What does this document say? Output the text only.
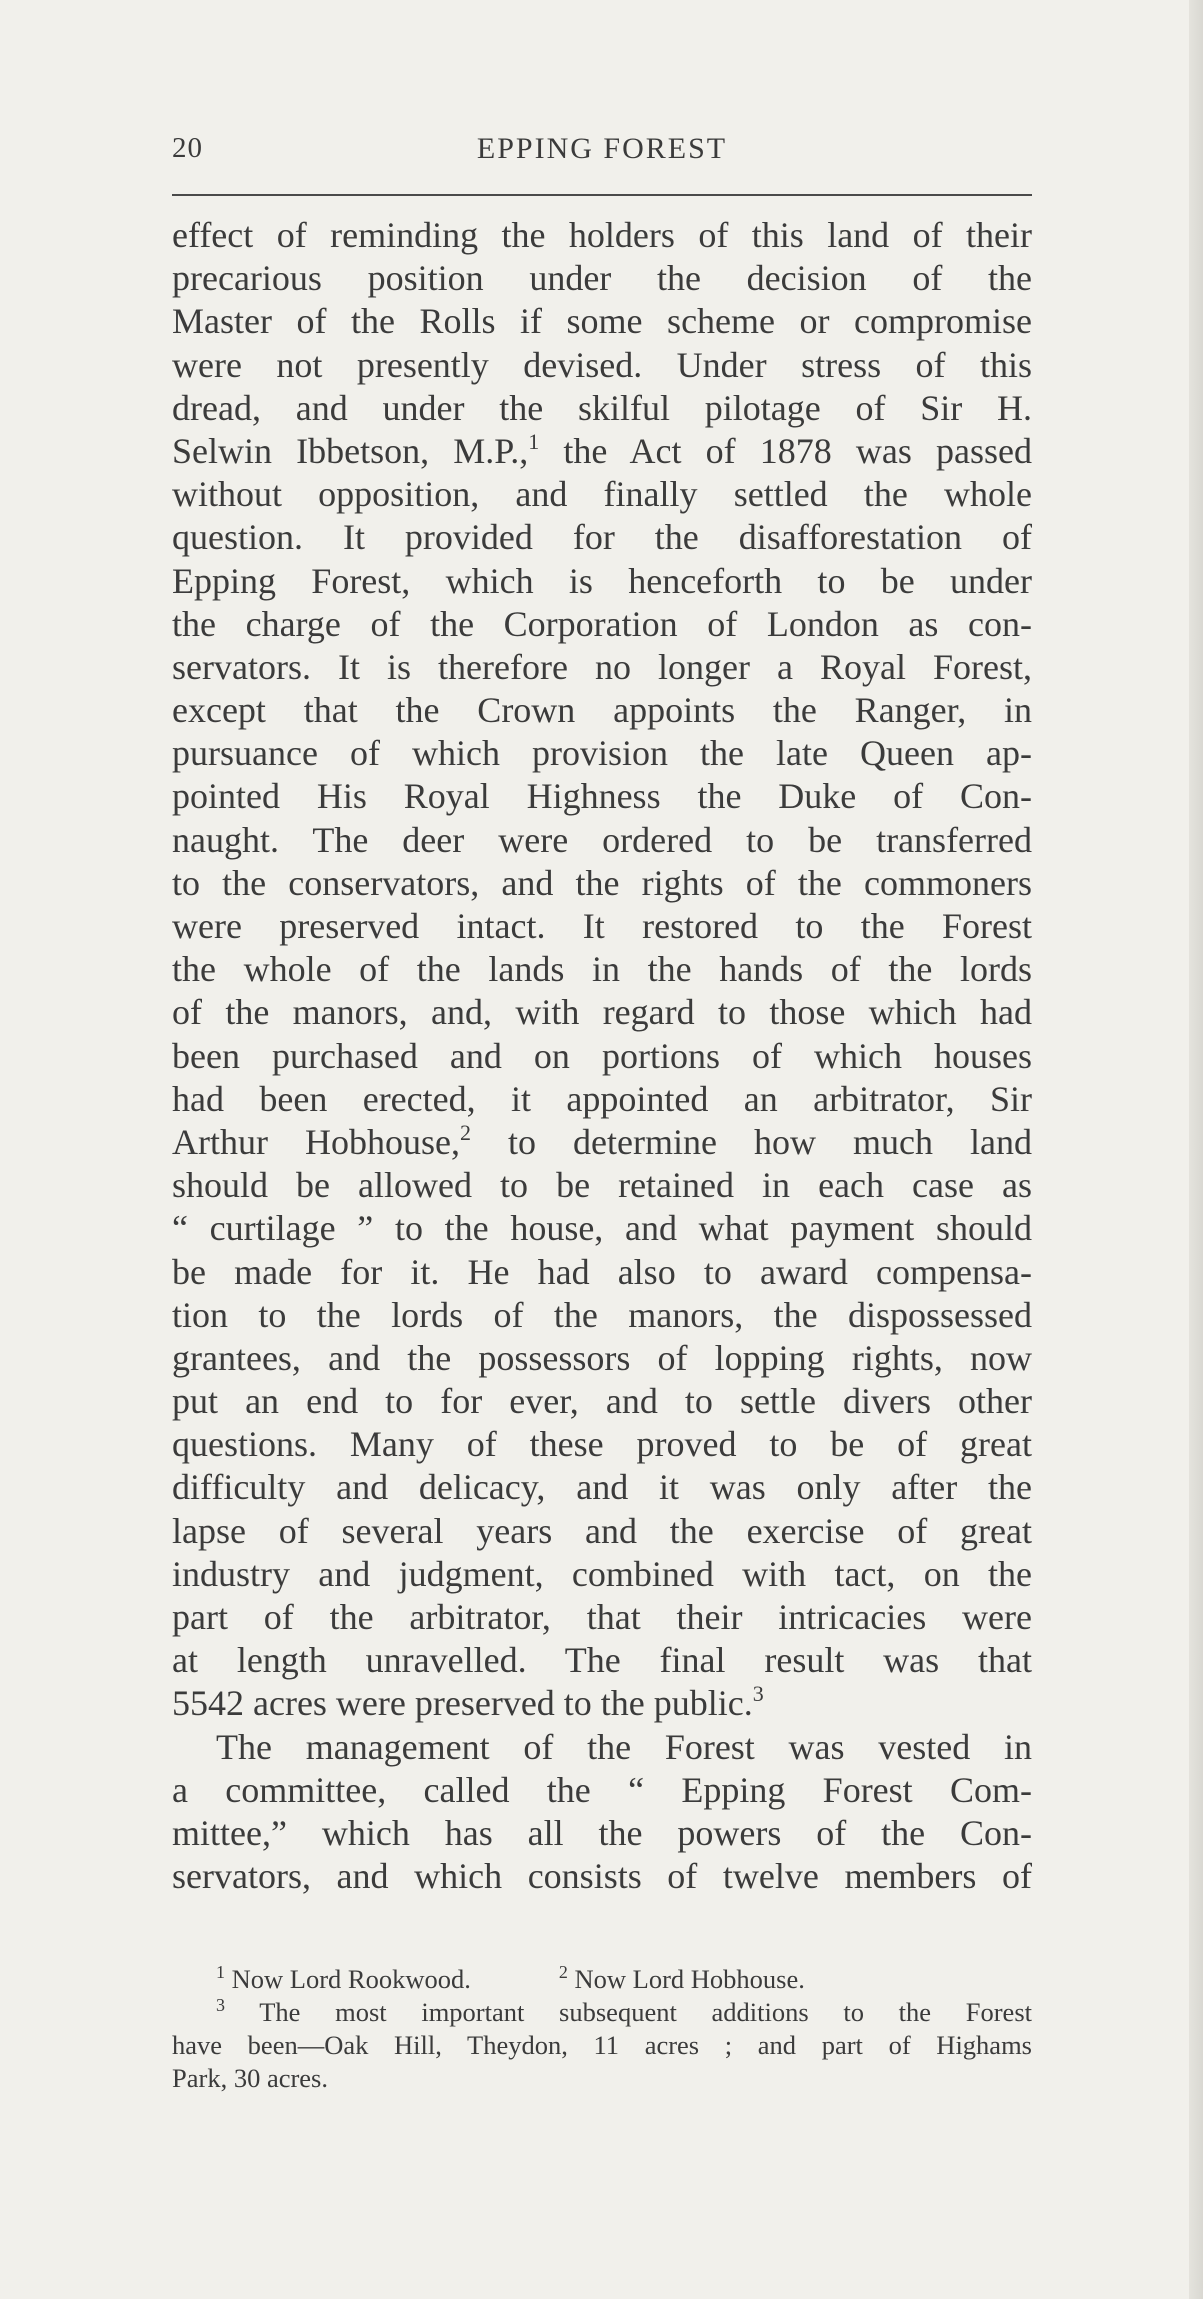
20	EPPING FOREST
effect of reminding the holders of this land of their
precarious position under the decision of the
Master of the Rolls if some scheme or compromise
were not presently devised. Under stress of this
dread, and under the skilful pilotage of Sir H.
Selwin Ibbetson, M.P.,$^1$ the Act of 1878 was passed
without opposition, and finally settled the whole
question. It provided for the disafforestation of
Epping Forest, which is henceforth to be under
the charge of the Corporation of London as con-
servators. It is therefore no longer a Royal Forest,
except that the Crown appoints the Ranger, in
pursuance of which provision the late Queen ap-
pointed His Royal Highness the Duke of Con-
naught. The deer were ordered to be transferred
to the conservators, and the rights of the commoners
were preserved intact. It restored to the Forest
the whole of the lands in the hands of the lords
of the manors, and, with regard to those which had
been purchased and on portions of which houses
had been erected, it appointed an arbitrator, Sir
Arthur Hobhouse,$^2$ to determine how much land
should be allowed to be retained in each case as
“ curtilage ” to the house, and what payment should
be made for it. He had also to award compensa-
tion to the lords of the manors, the dispossessed
grantees, and the possessors of lopping rights, now
put an end to for ever, and to settle divers other
questions. Many of these proved to be of great
difficulty and delicacy, and it was only after the
lapse of several years and the exercise of great
industry and judgment, combined with tact, on the
part of the arbitrator, that their intricacies were
at length unravelled. The final result was that
5542 acres were preserved to the public.$^3$
The management of the Forest was vested in
a committee, called the “ Epping Forest Com-
mittee,” which has all the powers of the Con-
servators, and which consists of twelve members of
$^1$ Now Lord Rookwood.	$^2$ Now Lord Hobhouse.
$^3$ The most important subsequent additions to the Forest
have been—Oak Hill, Theydon, 11 acres ; and part of Highams
Park, 30 acres.
